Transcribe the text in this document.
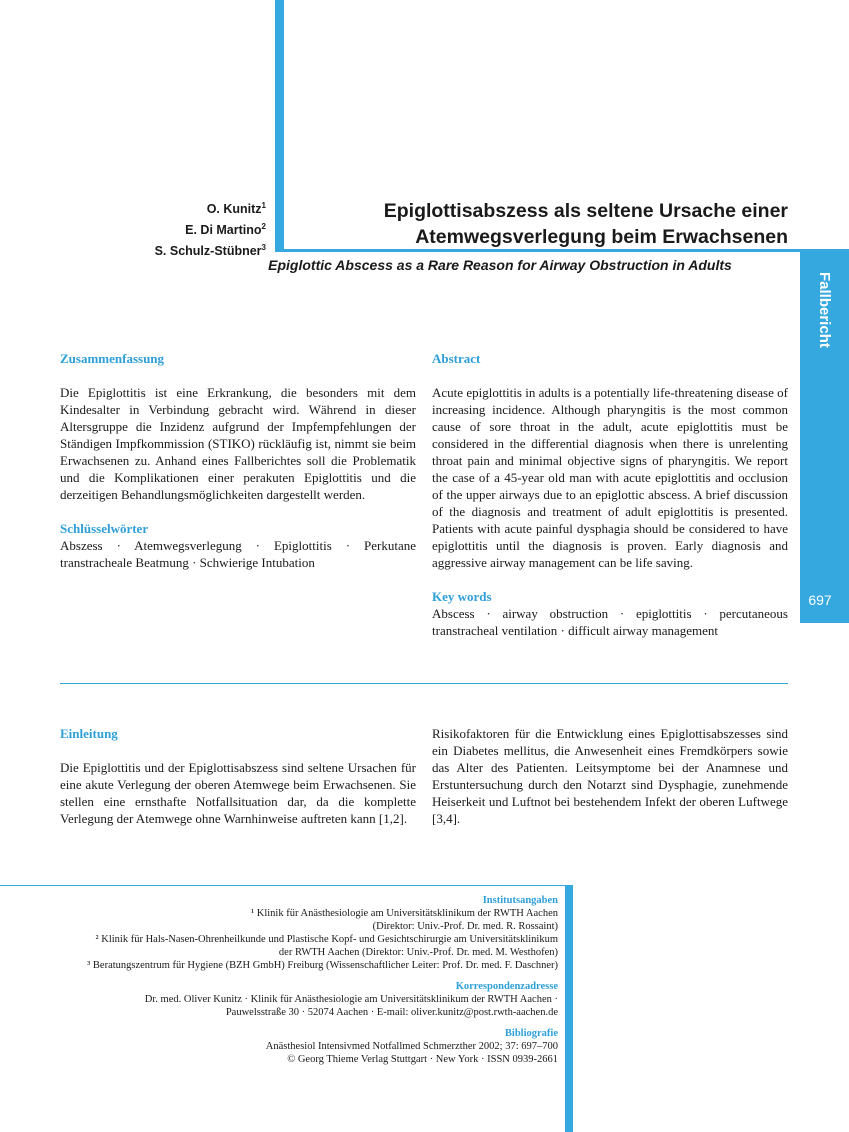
Fallbericht
697
O. Kunitz$^1$
E. Di Martino$^2$
S. Schulz-Stübner$^3$
Epiglottisabszess als seltene Ursache einer
Atemwegsverlegung beim Erwachsenen
Epiglottic Abscess as a Rare Reason for Airway Obstruction in Adults
Zusammenfassung

Die Epiglottitis ist eine Erkrankung, die besonders mit dem Kindesalter in Verbindung gebracht wird. Während in dieser Altersgruppe die Inzidenz aufgrund der Impfempfehlungen der Ständigen Impfkommission (STIKO) rückläufig ist, nimmt sie beim Erwachsenen zu. Anhand eines Fallberichtes soll die Problematik und die Komplikationen einer perakuten Epiglottitis und die derzeitigen Behandlungsmöglichkeiten dargestellt werden.

Schlüsselwörter

Abszess · Atemwegsverlegung · Epiglottitis · Perkutane transtracheale Beatmung · Schwierige Intubation

Abstract

Acute epiglottitis in adults is a potentially life-threatening disease of increasing incidence. Although pharyngitis is the most common cause of sore throat in the adult, acute epiglottitis must be considered in the differential diagnosis when there is unrelenting throat pain and minimal objective signs of pharyngitis. We report the case of a 45-year old man with acute epiglottitis and occlusion of the upper airways due to an epiglottic abscess. A brief discussion of the diagnosis and treatment of adult epiglottitis is presented. Patients with acute painful dysphagia should be considered to have epiglottitis until the diagnosis is proven. Early diagnosis and aggressive airway management can be life saving.

Key words

Abscess · airway obstruction · epiglottitis · percutaneous transtracheal ventilation · difficult airway management

Einleitung

Die Epiglottitis und der Epiglottisabszess sind seltene Ursachen für eine akute Verlegung der oberen Atemwege beim Erwachsenen. Sie stellen eine ernsthafte Notfallsituation dar, da die komplette Verlegung der Atemwege ohne Warnhinweise auftreten kann [1,2].

Risikofaktoren für die Entwicklung eines Epiglottisabszesses sind ein Diabetes mellitus, die Anwesenheit eines Fremdkörpers sowie das Alter des Patienten. Leitsymptome bei der Anamnese und Erstuntersuchung durch den Notarzt sind Dysphagie, zunehmende Heiserkeit und Luftnot bei bestehendem Infekt der oberen Luftwege [3,4].

Institutsangaben
¹ Klinik für Anästhesiologie am Universitätsklinikum der RWTH Aachen
(Direktor: Univ.-Prof. Dr. med. R. Rossaint)
² Klinik für Hals-Nasen-Ohrenheilkunde und Plastische Kopf- und Gesichtschirurgie am Universitätsklinikum
der RWTH Aachen (Direktor: Univ.-Prof. Dr. med. M. Westhofen)
³ Beratungszentrum für Hygiene (BZH GmbH) Freiburg (Wissenschaftlicher Leiter: Prof. Dr. med. F. Daschner)
Korrespondenzadresse
Dr. med. Oliver Kunitz · Klinik für Anästhesiologie am Universitätsklinikum der RWTH Aachen ·
Pauwelsstraße 30 · 52074 Aachen · E-mail: oliver.kunitz@post.rwth-aachen.de
Bibliografie
Anästhesiol Intensivmed Notfallmed Schmerzther 2002; 37: 697–700
© Georg Thieme Verlag Stuttgart · New York · ISSN 0939-2661
